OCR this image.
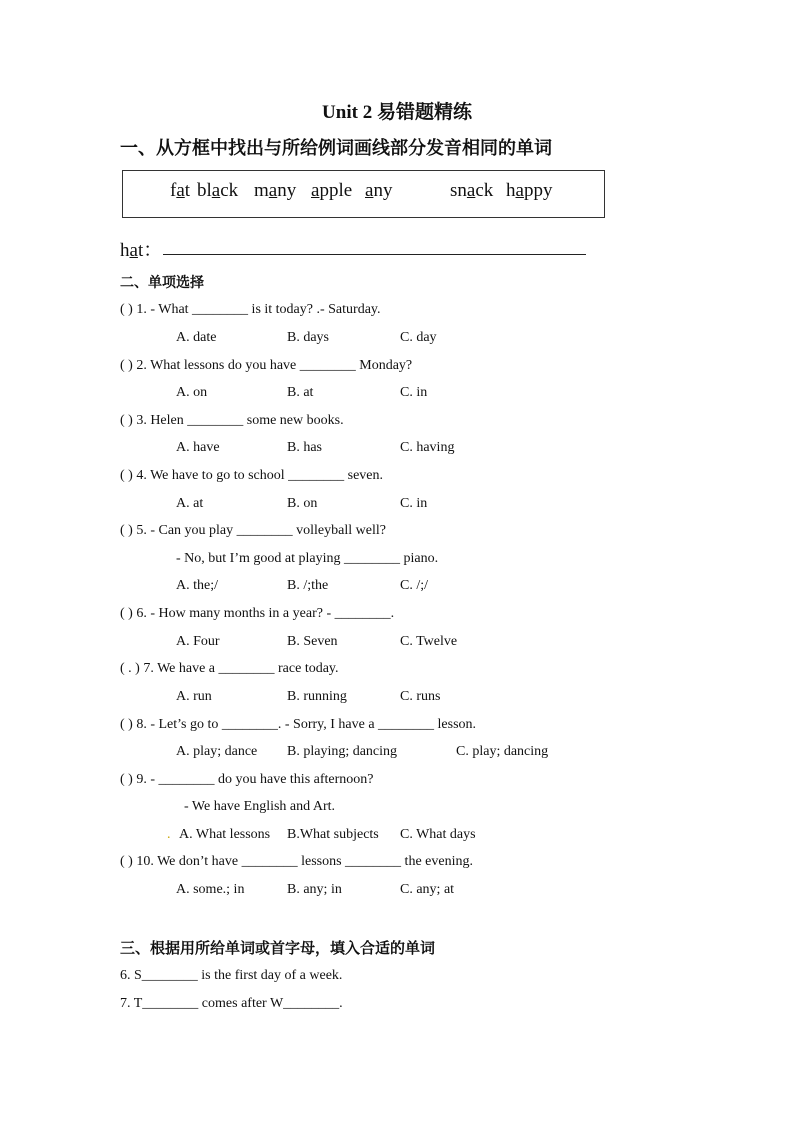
Unit 2 易错题精练
一、从方框中找出与所给例词画线部分发音相同的单词
fat black many apple any	snack happy
hat：
二、单项选择
( ) 1. - What ________ is it today? .- Saturday.
A. date	B. days	C. day
( ) 2. What lessons do you have ________ Monday?
A. on	B. at	C. in
( ) 3. Helen ________ some new books.
A. have	B. has	C. having
( ) 4. We have to go to school ________ seven.
A. at	B. on	C. in
( ) 5. - Can you play ________ volleyball well?
- No, but I’m good at playing ________ piano.
A. the;/	B. /;the	C. /;/
( ) 6. - How many months in a year? - ________.
A. Four	B. Seven	C. Twelve
( . ) 7. We have a ________ race today.
A. run	B. running	C. runs
( ) 8. - Let’s go to ________. - Sorry, I have a ________ lesson.
A. play; dance B. playing; dancing	C. play; dancing
( ) 9. - ________ do you have this afternoon?
- We have English and Art.
. A. What lessons B.What subjects C. What days
( ) 10. We don’t have ________ lessons ________ the evening.
A. some.; in	B. any; in	C. any; at
三、根据用所给单词或首字母，填入合适的单词
6. S________ is the first day of a week.
7. T________ comes after W________.
